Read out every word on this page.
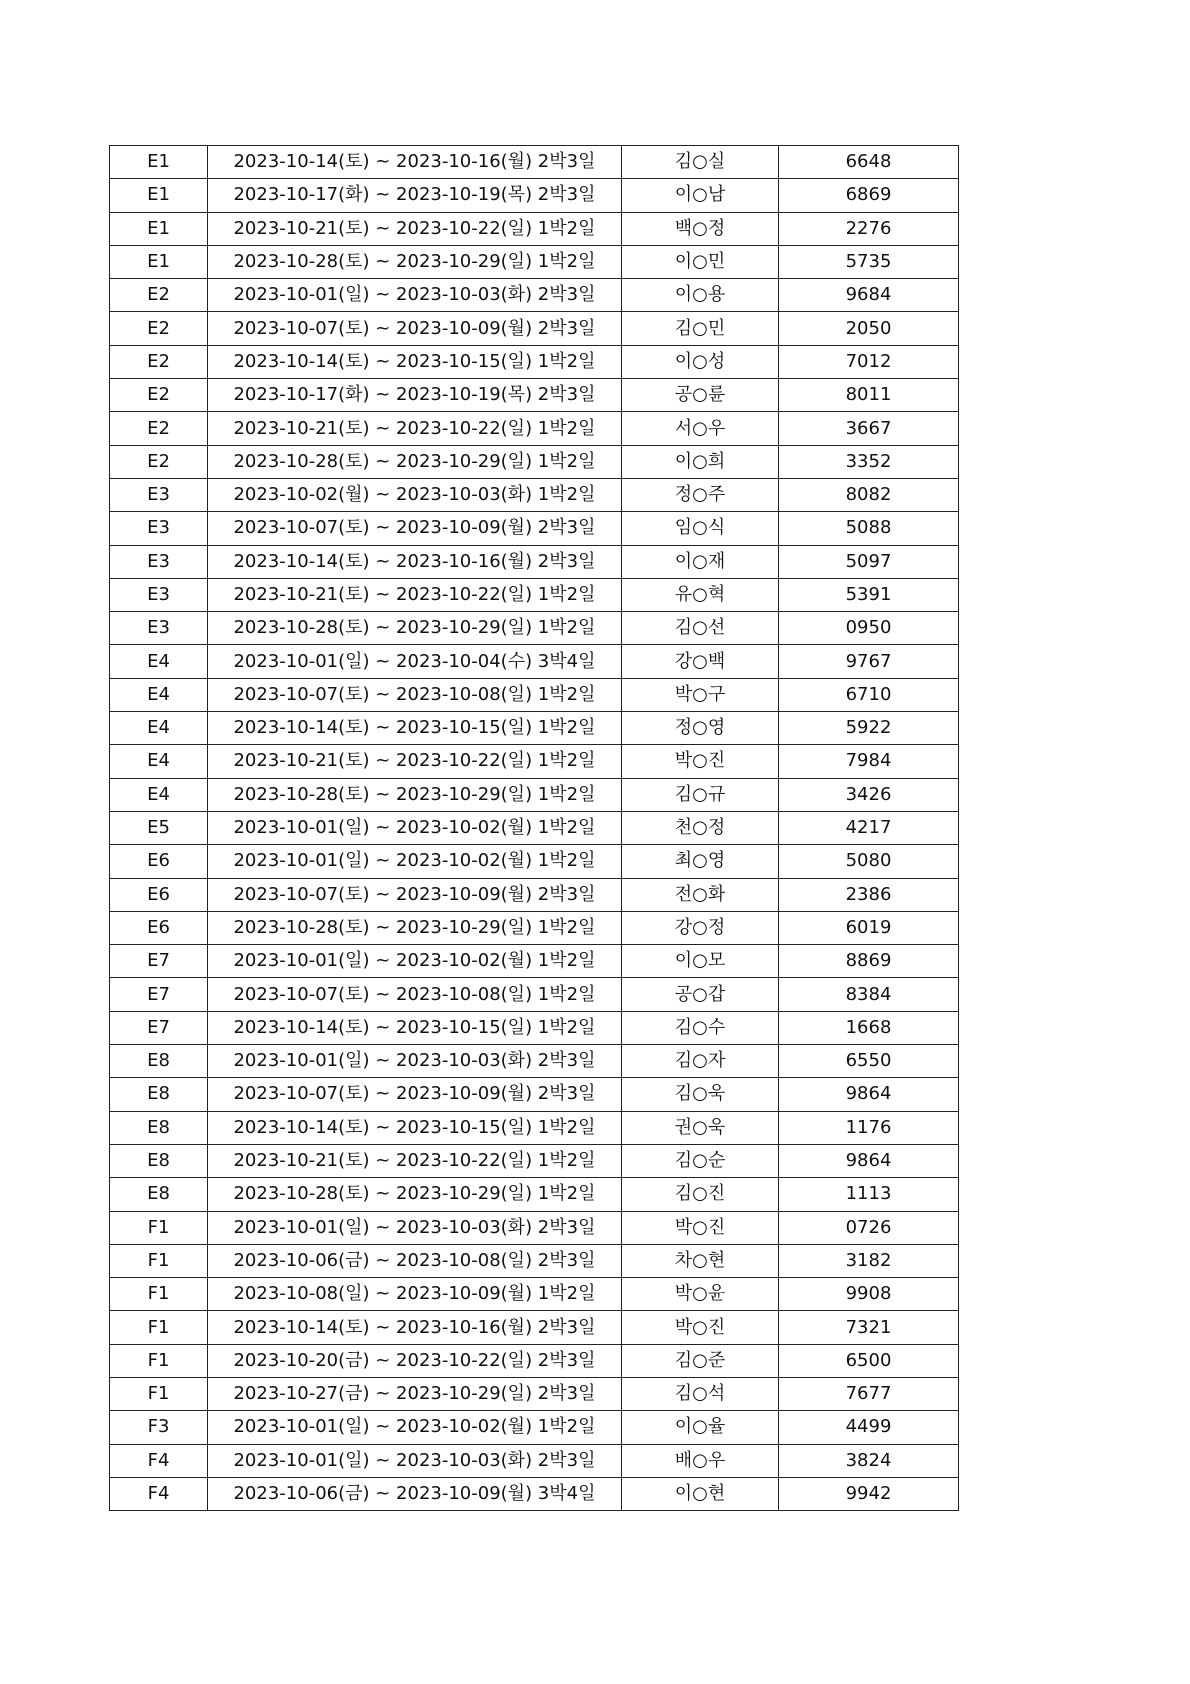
E1	2023-10-14(토) ~ 2023-10-16(월) 2박3일	김○실	6648
E1	2023-10-17(화) ~ 2023-10-19(목) 2박3일	이○남	6869
E1	2023-10-21(토) ~ 2023-10-22(일) 1박2일	백○정	2276
E1	2023-10-28(토) ~ 2023-10-29(일) 1박2일	이○민	5735
E2	2023-10-01(일) ~ 2023-10-03(화) 2박3일	이○용	9684
E2	2023-10-07(토) ~ 2023-10-09(월) 2박3일	김○민	2050
E2	2023-10-14(토) ~ 2023-10-15(일) 1박2일	이○성	7012
E2	2023-10-17(화) ~ 2023-10-19(목) 2박3일	공○륜	8011
E2	2023-10-21(토) ~ 2023-10-22(일) 1박2일	서○우	3667
E2	2023-10-28(토) ~ 2023-10-29(일) 1박2일	이○희	3352
E3	2023-10-02(월) ~ 2023-10-03(화) 1박2일	정○주	8082
E3	2023-10-07(토) ~ 2023-10-09(월) 2박3일	임○식	5088
E3	2023-10-14(토) ~ 2023-10-16(월) 2박3일	이○재	5097
E3	2023-10-21(토) ~ 2023-10-22(일) 1박2일	유○혁	5391
E3	2023-10-28(토) ~ 2023-10-29(일) 1박2일	김○선	0950
E4	2023-10-01(일) ~ 2023-10-04(수) 3박4일	강○백	9767
E4	2023-10-07(토) ~ 2023-10-08(일) 1박2일	박○구	6710
E4	2023-10-14(토) ~ 2023-10-15(일) 1박2일	정○영	5922
E4	2023-10-21(토) ~ 2023-10-22(일) 1박2일	박○진	7984
E4	2023-10-28(토) ~ 2023-10-29(일) 1박2일	김○규	3426
E5	2023-10-01(일) ~ 2023-10-02(월) 1박2일	천○정	4217
E6	2023-10-01(일) ~ 2023-10-02(월) 1박2일	최○영	5080
E6	2023-10-07(토) ~ 2023-10-09(월) 2박3일	전○화	2386
E6	2023-10-28(토) ~ 2023-10-29(일) 1박2일	강○정	6019
E7	2023-10-01(일) ~ 2023-10-02(월) 1박2일	이○모	8869
E7	2023-10-07(토) ~ 2023-10-08(일) 1박2일	공○갑	8384
E7	2023-10-14(토) ~ 2023-10-15(일) 1박2일	김○수	1668
E8	2023-10-01(일) ~ 2023-10-03(화) 2박3일	김○자	6550
E8	2023-10-07(토) ~ 2023-10-09(월) 2박3일	김○욱	9864
E8	2023-10-14(토) ~ 2023-10-15(일) 1박2일	권○욱	1176
E8	2023-10-21(토) ~ 2023-10-22(일) 1박2일	김○순	9864
E8	2023-10-28(토) ~ 2023-10-29(일) 1박2일	김○진	1113
F1	2023-10-01(일) ~ 2023-10-03(화) 2박3일	박○진	0726
F1	2023-10-06(금) ~ 2023-10-08(일) 2박3일	차○현	3182
F1	2023-10-08(일) ~ 2023-10-09(월) 1박2일	박○윤	9908
F1	2023-10-14(토) ~ 2023-10-16(월) 2박3일	박○진	7321
F1	2023-10-20(금) ~ 2023-10-22(일) 2박3일	김○준	6500
F1	2023-10-27(금) ~ 2023-10-29(일) 2박3일	김○석	7677
F3	2023-10-01(일) ~ 2023-10-02(월) 1박2일	이○율	4499
F4	2023-10-01(일) ~ 2023-10-03(화) 2박3일	배○우	3824
F4	2023-10-06(금) ~ 2023-10-09(월) 3박4일	이○현	9942
